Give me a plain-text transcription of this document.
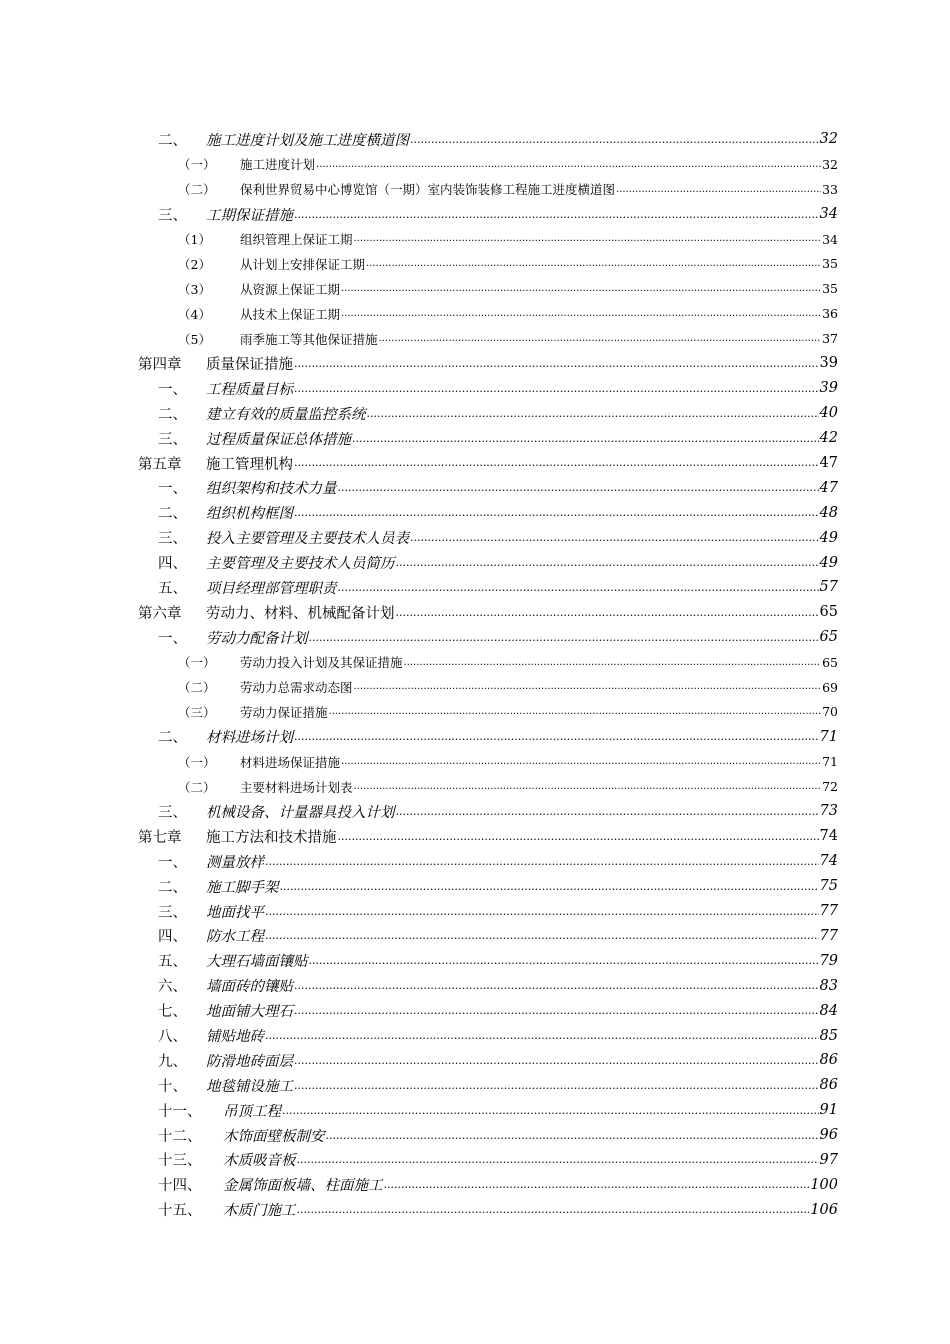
二、 施工进度计划及施工进度横道图 .....	32
（一） 施工进度计划 .....	32
（二） 保利世界贸易中心博览馆（一期）室内装饰装修工程施工进度横道图 .....	33
三、 工期保证措施 .....	34
（1） 组织管理上保证工期 .....	34
（2） 从计划上安排保证工期 .....	35
（3） 从资源上保证工期 .....	35
（4） 从技术上保证工期 .....	36
（5） 雨季施工等其他保证措施 .....	37
第四章 质量保证措施 .....	39
一、 工程质量目标 .....	39
二、 建立有效的质量监控系统 .....	40
三、 过程质量保证总体措施 .....	42
第五章 施工管理机构 .....	47
一、 组织架构和技术力量 .....	47
二、 组织机构框图 .....	48
三、 投入主要管理及主要技术人员表 .....	49
四、 主要管理及主要技术人员简历 .....	49
五、 项目经理部管理职责 .....	57
第六章 劳动力、材料、机械配备计划 .....	65
一、 劳动力配备计划 .....	65
（一） 劳动力投入计划及其保证措施 .....	65
（二） 劳动力总需求动态图 .....	69
（三） 劳动力保证措施 .....	70
二、 材料进场计划 .....	71
（一） 材料进场保证措施 .....	71
（二） 主要材料进场计划表 .....	72
三、 机械设备、计量器具投入计划 .....	73
第七章 施工方法和技术措施 .....	74
一、 测量放样 .....	74
二、 施工脚手架 .....	75
三、 地面找平 .....	77
四、 防水工程 .....	77
五、 大理石墙面镶贴 .....	79
六、 墙面砖的镶贴 .....	83
七、 地面铺大理石 .....	84
八、 铺贴地砖 .....	85
九、 防滑地砖面层 .....	86
十、 地毯铺设施工 .....	86
十一、 吊顶工程 .....	91
十二、 木饰面壁板制安 .....	96
十三、 木质吸音板 .....	97
十四、 金属饰面板墙、柱面施工 .....	100
十五、 木质门施工 .....	106
